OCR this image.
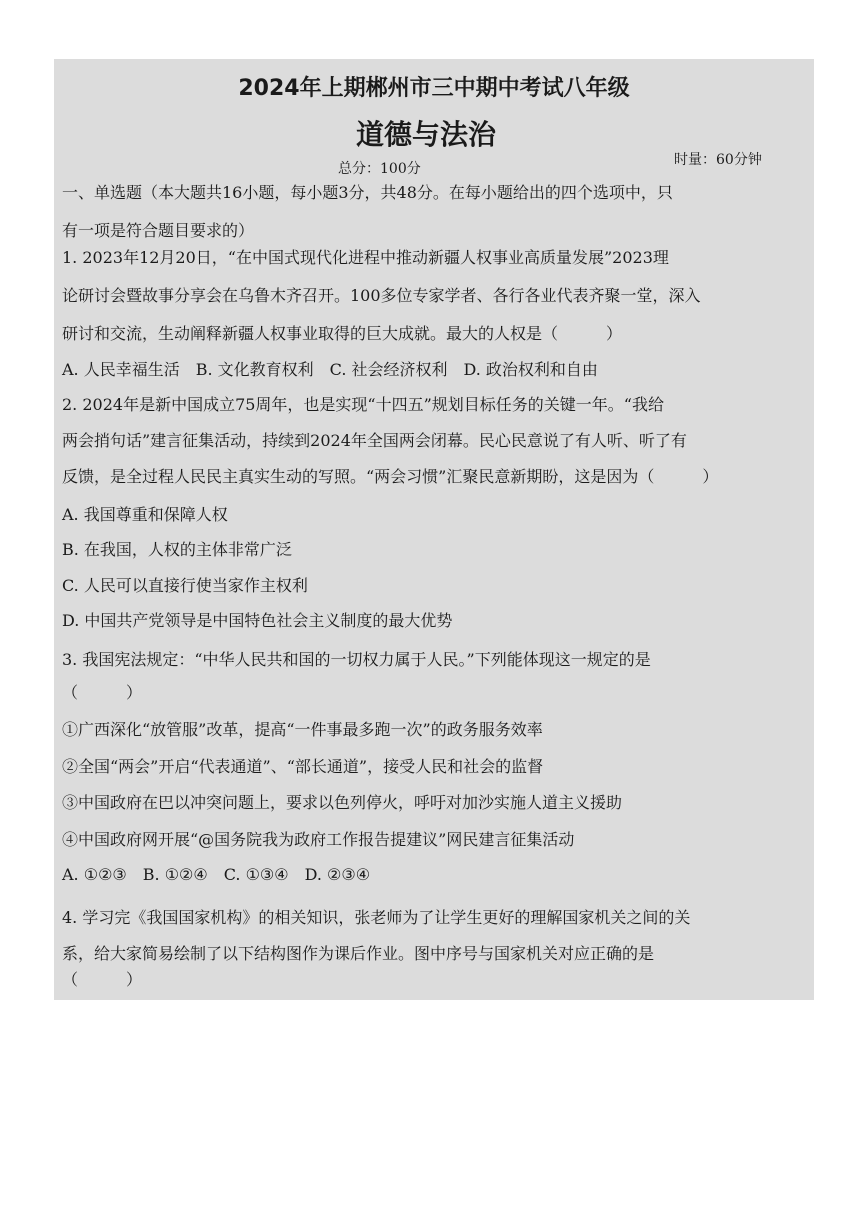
2024年上期郴州市三中期中考试八年级
道德与法治
总分：100分
时量：60分钟
一、单选题（本大题共16小题，每小题3分，共48分。在每小题给出的四个选项中，只
有一项是符合题目要求的）
1. 2023年12月20日，“在中国式现代化进程中推动新疆人权事业高质量发展”2023理
论研讨会暨故事分享会在乌鲁木齐召开。100多位专家学者、各行各业代表齐聚一堂，深入
研讨和交流，生动阐释新疆人权事业取得的巨大成就。最大的人权是（　　　）
A. 人民幸福生活　B. 文化教育权利　C. 社会经济权利　D. 政治权利和自由
2. 2024年是新中国成立75周年，也是实现“十四五”规划目标任务的关键一年。“我给
两会捎句话”建言征集活动，持续到2024年全国两会闭幕。民心民意说了有人听、听了有
反馈，是全过程人民民主真实生动的写照。“两会习惯”汇聚民意新期盼，这是因为（　　　）
A. 我国尊重和保障人权
B. 在我国，人权的主体非常广泛
C. 人民可以直接行使当家作主权利
D. 中国共产党领导是中国特色社会主义制度的最大优势
3. 我国宪法规定：“中华人民共和国的一切权力属于人民。”下列能体现这一规定的是
（　　　）
①广西深化“放管服”改革，提高“一件事最多跑一次”的政务服务效率
②全国“两会”开启“代表通道”、“部长通道”，接受人民和社会的监督
③中国政府在巴以冲突问题上，要求以色列停火，呼吁对加沙实施人道主义援助
④中国政府网开展“@国务院我为政府工作报告提建议”网民建言征集活动
A. ①②③　B. ①②④　C. ①③④　D. ②③④
4. 学习完《我国国家机构》的相关知识，张老师为了让学生更好的理解国家机关之间的关
系，给大家简易绘制了以下结构图作为课后作业。图中序号与国家机关对应正确的是
（　　　）
